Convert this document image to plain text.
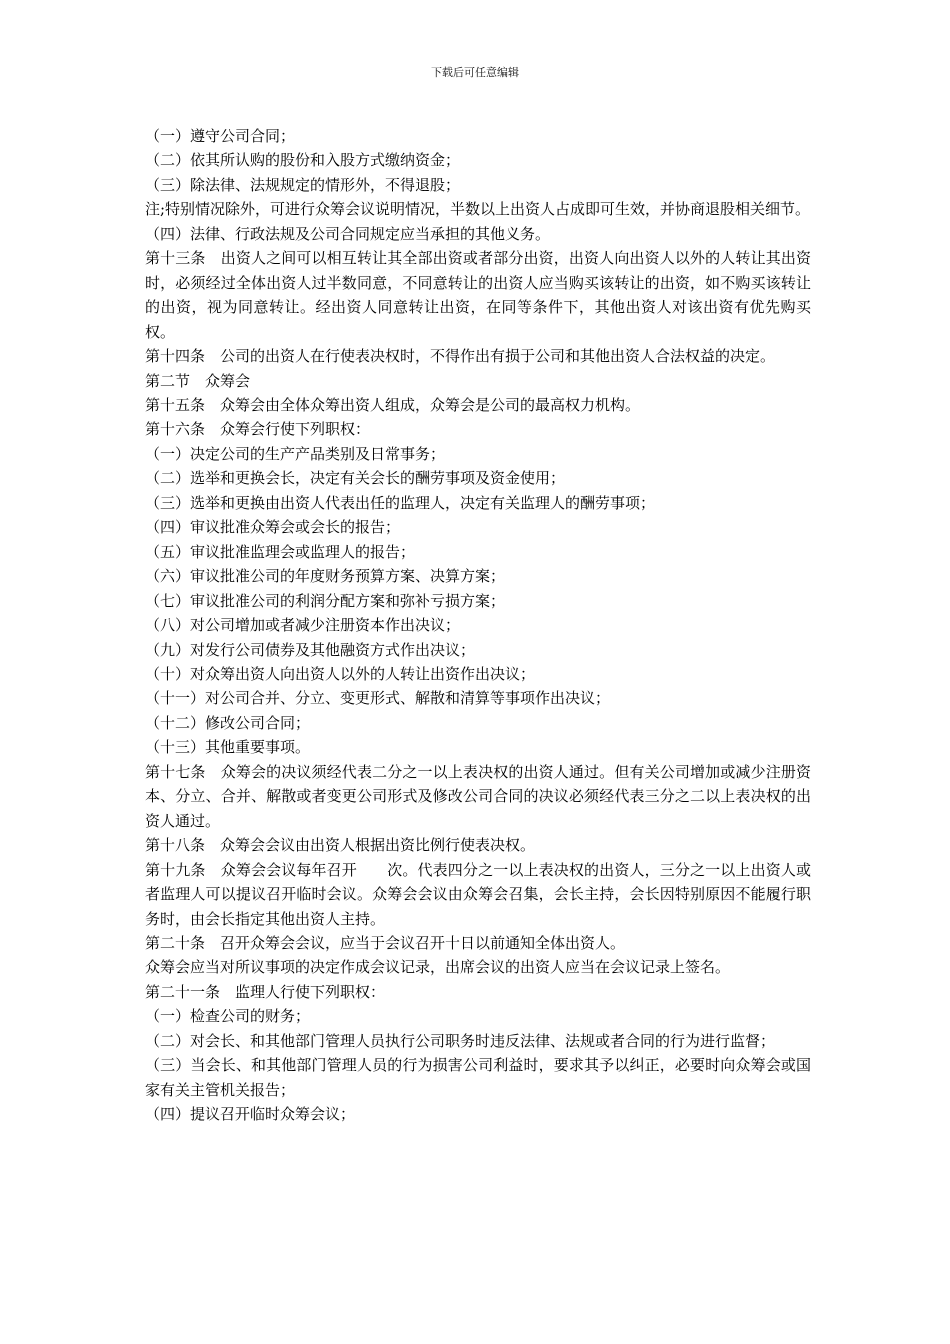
下载后可任意编辑

（一）遵守公司合同；

（二）依其所认购的股份和入股方式缴纳资金；

（三）除法律、法规规定的情形外，不得退股；

注;特别情况除外，可进行众筹会议说明情况，半数以上出资人占成即可生效，并协商退股相关细节。

（四）法律、行政法规及公司合同规定应当承担的其他义务。

第十三条　出资人之间可以相互转让其全部出资或者部分出资，出资人向出资人以外的人转让其出资时，必须经过全体出资人过半数同意，不同意转让的出资人应当购买该转让的出资，如不购买该转让的出资，视为同意转让。经出资人同意转让出资，在同等条件下，其他出资人对该出资有优先购买权。

第十四条　公司的出资人在行使表决权时，不得作出有损于公司和其他出资人合法权益的决定。

第二节　众筹会

第十五条　众筹会由全体众筹出资人组成，众筹会是公司的最高权力机构。

第十六条　众筹会行使下列职权：

（一）决定公司的生产产品类别及日常事务；

（二）选举和更换会长，决定有关会长的酬劳事项及资金使用；

（三）选举和更换由出资人代表出任的监理人，决定有关监理人的酬劳事项；

（四）审议批准众筹会或会长的报告；

（五）审议批准监理会或监理人的报告；

（六）审议批准公司的年度财务预算方案、决算方案；

（七）审议批准公司的利润分配方案和弥补亏损方案；

（八）对公司增加或者减少注册资本作出决议；

（九）对发行公司债券及其他融资方式作出决议；

（十）对众筹出资人向出资人以外的人转让出资作出决议；

（十一）对公司合并、分立、变更形式、解散和清算等事项作出决议；

（十二）修改公司合同；

（十三）其他重要事项。

第十七条　众筹会的决议须经代表二分之一以上表决权的出资人通过。但有关公司增加或减少注册资本、分立、合并、解散或者变更公司形式及修改公司合同的决议必须经代表三分之二以上表决权的出资人通过。

第十八条　众筹会会议由出资人根据出资比例行使表决权。

第十九条　众筹会会议每年召开　　次。代表四分之一以上表决权的出资人，三分之一以上出资人或者监理人可以提议召开临时会议。众筹会会议由众筹会召集，会长主持，会长因特别原因不能履行职务时，由会长指定其他出资人主持。

第二十条　召开众筹会会议，应当于会议召开十日以前通知全体出资人。

众筹会应当对所议事项的决定作成会议记录，出席会议的出资人应当在会议记录上签名。

第二十一条　监理人行使下列职权：

（一）检查公司的财务；

（二）对会长、和其他部门管理人员执行公司职务时违反法律、法规或者合同的行为进行监督；

（三）当会长、和其他部门管理人员的行为损害公司利益时，要求其予以纠正，必要时向众筹会或国家有关主管机关报告；

（四）提议召开临时众筹会议；
